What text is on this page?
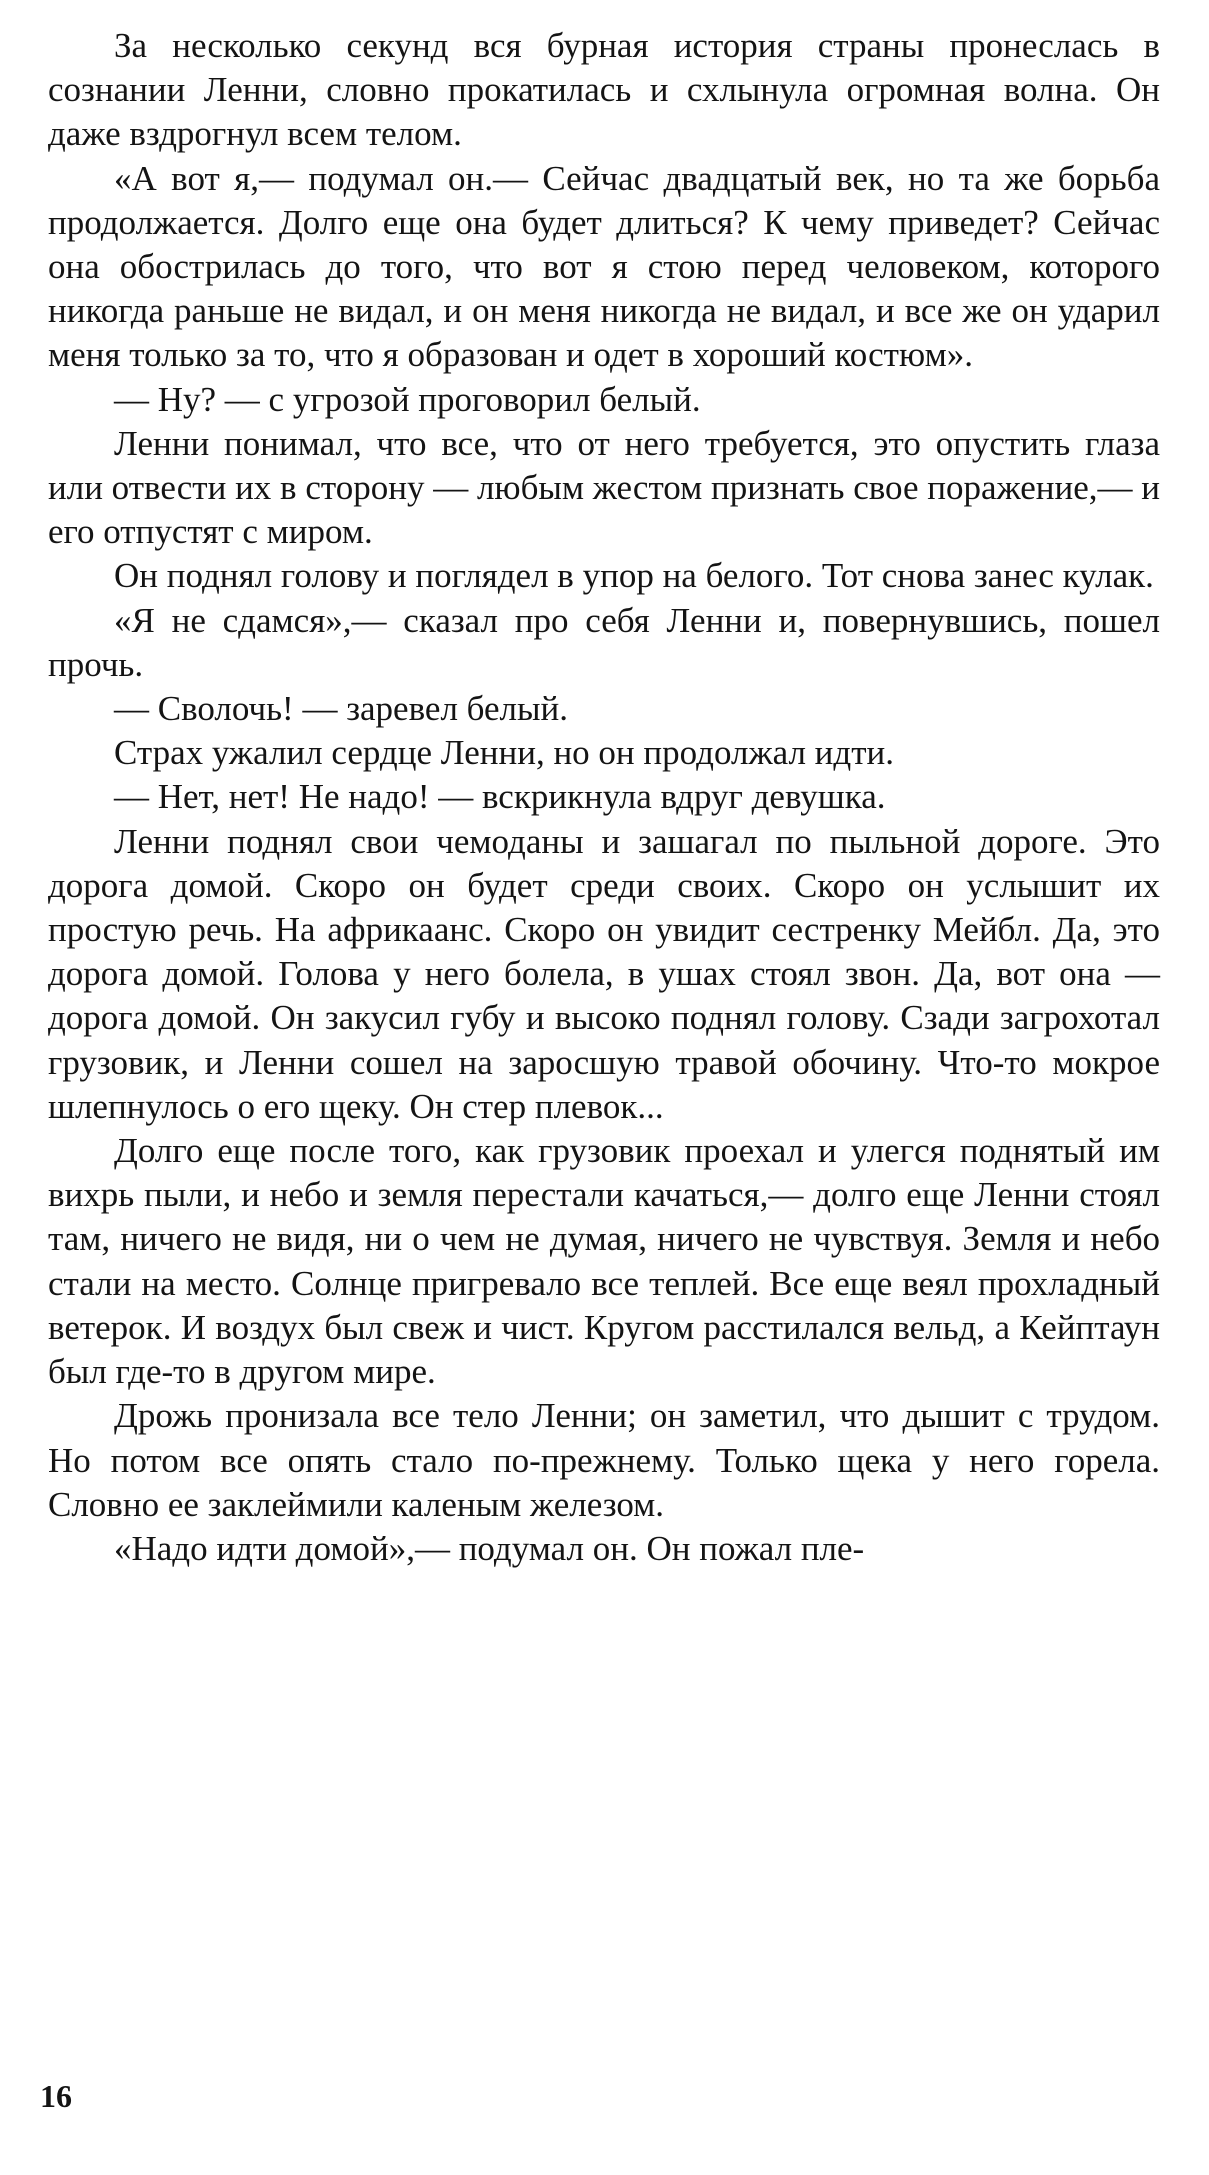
За несколько секунд вся бурная история страны пронеслась в сознании Ленни, словно прокатилась и схлынула огромная волна. Он даже вздрогнул всем телом.

«А вот я,— подумал он.— Сейчас двадцатый век, но та же борьба продолжается. Долго еще она будет длиться? К чему приведет? Сейчас она обострилась до того, что вот я стою перед человеком, которого никогда раньше не видал, и он меня никогда не видал, и все же он ударил меня только за то, что я образован и одет в хороший костюм».

— Ну? — с угрозой проговорил белый.

Ленни понимал, что все, что от него требуется, это опустить глаза или отвести их в сторону — любым жестом признать свое поражение,— и его отпустят с миром.

Он поднял голову и поглядел в упор на белого. Тот снова занес кулак.

«Я не сдамся»,— сказал про себя Ленни и, повернувшись, пошел прочь.

— Сволочь! — заревел белый.

Страх ужалил сердце Ленни, но он продолжал идти.

— Нет, нет! Не надо! — вскрикнула вдруг девушка.

Ленни поднял свои чемоданы и зашагал по пыльной дороге. Это дорога домой. Скоро он будет среди своих. Скоро он услышит их простую речь. На африкаанс. Скоро он увидит сестренку Мейбл. Да, это дорога домой. Голова у него болела, в ушах стоял звон. Да, вот она — дорога домой. Он закусил губу и высоко поднял голову. Сзади загрохотал грузовик, и Ленни сошел на заросшую травой обочину. Что-то мокрое шлепнулось о его щеку. Он стер плевок...

Долго еще после того, как грузовик проехал и улегся поднятый им вихрь пыли, и небо и земля перестали качаться,— долго еще Ленни стоял там, ничего не видя, ни о чем не думая, ничего не чувствуя. Земля и небо стали на место. Солнце пригревало все теплей. Все еще веял прохладный ветерок. И воздух был свеж и чист. Кругом расстилался вельд, а Кейптаун был где-то в другом мире.

Дрожь пронизала все тело Ленни; он заметил, что дышит с трудом. Но потом все опять стало по-прежнему. Только щека у него горела. Словно ее заклеймили каленым железом.

«Надо идти домой»,— подумал он. Он пожал пле-

16
